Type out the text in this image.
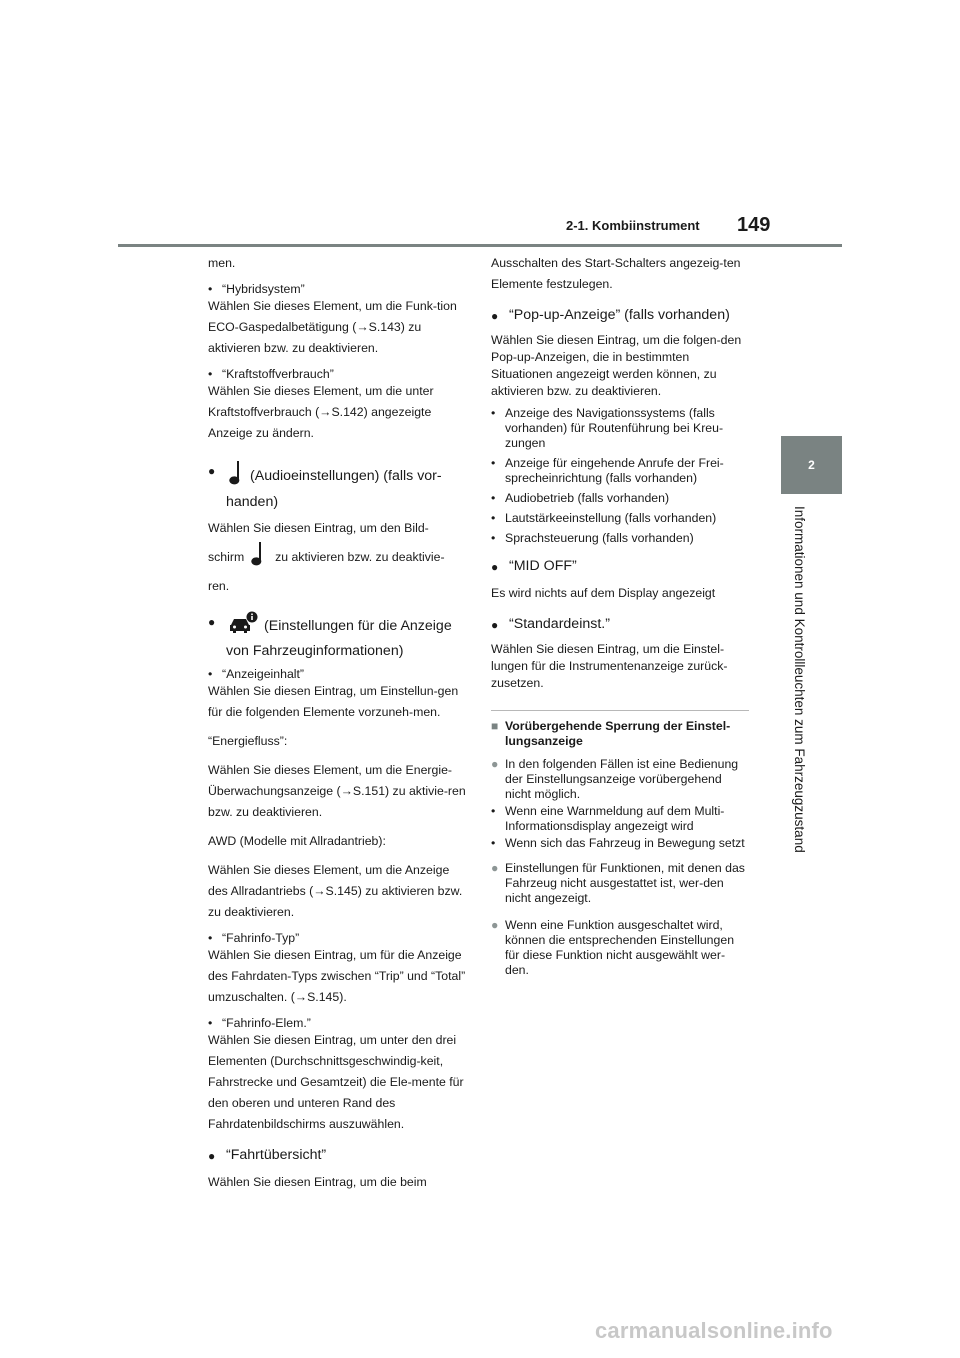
2-1. Kombiinstrument 149
2
Informationen und Kontrollleuchten zum Fahrzeugzustand

men.

• “Hybridsystem”

Wählen Sie dieses Element, um die Funk-tion ECO-Gaspedalbetätigung (→S.143) zu aktivieren bzw. zu deaktivieren.

• “Kraftstoffverbrauch”

Wählen Sie dieses Element, um die unter Kraftstoffverbrauch (→S.142) angezeigte Anzeige zu ändern.

●	(Audioeinstellungen) (falls vor-handen)

Wählen Sie diesen Eintrag, um den Bild-

schirm	zu aktivieren bzw. zu deaktivie-

ren.

●	(Einstellungen für die Anzeige von Fahrzeuginformationen)
• “Anzeigeinhalt”

Wählen Sie diesen Eintrag, um Einstellun-gen für die folgenden Elemente vorzuneh-men.

“Energiefluss”:

Wählen Sie dieses Element, um die Energie-Überwachungsanzeige (→S.151) zu aktivie-ren bzw. zu deaktivieren.

AWD (Modelle mit Allradantrieb):

Wählen Sie dieses Element, um die Anzeige des Allradantriebs (→S.145) zu aktivieren bzw. zu deaktivieren.

• “Fahrinfo-Typ”

Wählen Sie diesen Eintrag, um für die Anzeige des Fahrdaten-Typs zwischen “Trip” und “Total” umzuschalten. (→S.145).

• “Fahrinfo-Elem.”

Wählen Sie diesen Eintrag, um unter den drei Elementen (Durchschnittsgeschwindig-keit, Fahrstrecke und Gesamtzeit) die Ele-mente für den oberen und unteren Rand des Fahrdatenbildschirms auszuwählen.

● “Fahrtübersicht”

Wählen Sie diesen Eintrag, um die beim

Ausschalten des Start-Schalters angezeig-ten Elemente festzulegen.

● “Pop-up-Anzeige” (falls vorhanden)

Wählen Sie diesen Eintrag, um die folgen-den Pop-up-Anzeigen, die in bestimmten Situationen angezeigt werden können, zu aktivieren bzw. zu deaktivieren.

• Anzeige des Navigationssystems (falls vorhanden) für Routenführung bei Kreu-zungen
• Anzeige für eingehende Anrufe der Frei-sprecheinrichtung (falls vorhanden)
• Audiobetrieb (falls vorhanden)
• Lautstärkeeinstellung (falls vorhanden)
• Sprachsteuerung (falls vorhanden)
● “MID OFF”

Es wird nichts auf dem Display angezeigt

● “Standardeinst.”

Wählen Sie diesen Eintrag, um die Einstel-lungen für die Instrumentenanzeige zurück-zusetzen.

■ Vorübergehende Sperrung der Einstel-lungsanzeige
● In den folgenden Fällen ist eine Bedienung der Einstellungsanzeige vorübergehend nicht möglich.
• Wenn eine Warnmeldung auf dem Multi-Informationsdisplay angezeigt wird
• Wenn sich das Fahrzeug in Bewegung setzt
● Einstellungen für Funktionen, mit denen das Fahrzeug nicht ausgestattet ist, wer-den nicht angezeigt.
● Wenn eine Funktion ausgeschaltet wird, können die entsprechenden Einstellungen für diese Funktion nicht ausgewählt wer-den.
carmanualsonline.info
